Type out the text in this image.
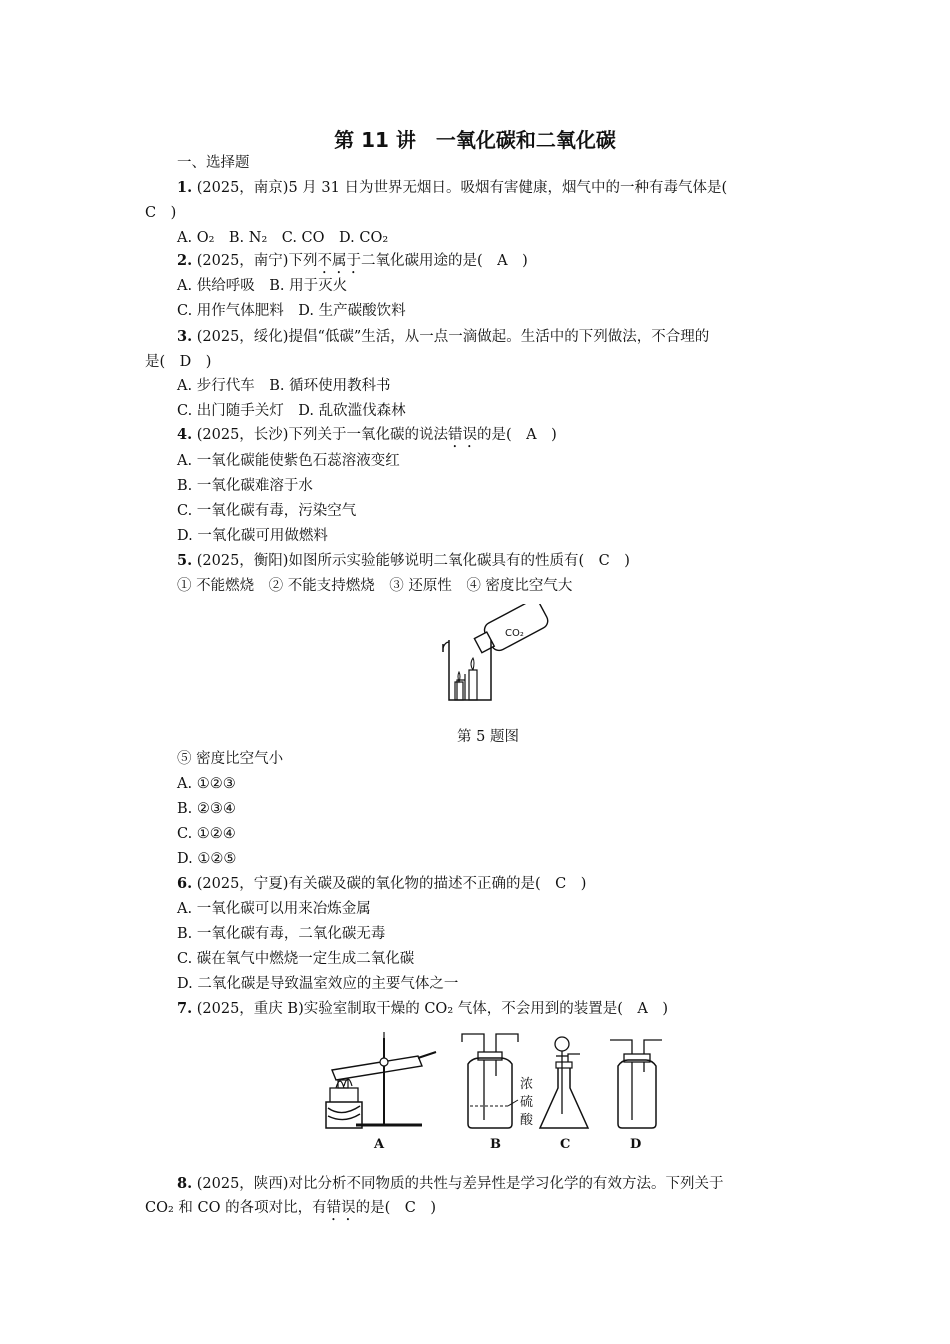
第 11 讲　一氧化碳和二氧化碳
一、选择题
1. (2025，南京)5 月 31 日为世界无烟日。吸烟有害健康，烟气中的一种有毒气体是(
C　)
A. O₂　B. N₂　C. CO　D. CO₂
2. (2025，南宁)下列不属于二氧化碳用途的是(　A　)
A. 供给呼吸　B. 用于灭火
C. 用作气体肥料　D. 生产碳酸饮料
3. (2025，绥化)提倡“低碳”生活，从一点一滴做起。生活中的下列做法，不合理的
是(　D　)
A. 步行代车　B. 循环使用教科书
C. 出门随手关灯　D. 乱砍滥伐森林
4. (2025，长沙)下列关于一氧化碳的说法错误的是(　A　)
A. 一氧化碳能使紫色石蕊溶液变红
B. 一氧化碳难溶于水
C. 一氧化碳有毒，污染空气
D. 一氧化碳可用做燃料
5. (2025，衡阳)如图所示实验能够说明二氧化碳具有的性质有(　C　)
① 不能燃烧　② 不能支持燃烧　③ 还原性　④ 密度比空气大
CO₂
第 5 题图
⑤ 密度比空气小
A. ①②③
B. ②③④
C. ①②④
D. ①②⑤
6. (2025，宁夏)有关碳及碳的氧化物的描述不正确的是(　C　)
A. 一氧化碳可以用来冶炼金属
B. 一氧化碳有毒，二氧化碳无毒
C. 碳在氧气中燃烧一定生成二氧化碳
D. 二氧化碳是导致温室效应的主要气体之一
7. (2025，重庆 B)实验室制取干燥的 CO₂ 气体，不会用到的装置是(　A　)
A
浓
硫
酸
B	C	D
8. (2025，陕西)对比分析不同物质的共性与差异性是学习化学的有效方法。下列关于
CO₂ 和 CO 的各项对比，有错误的是(　C　)
